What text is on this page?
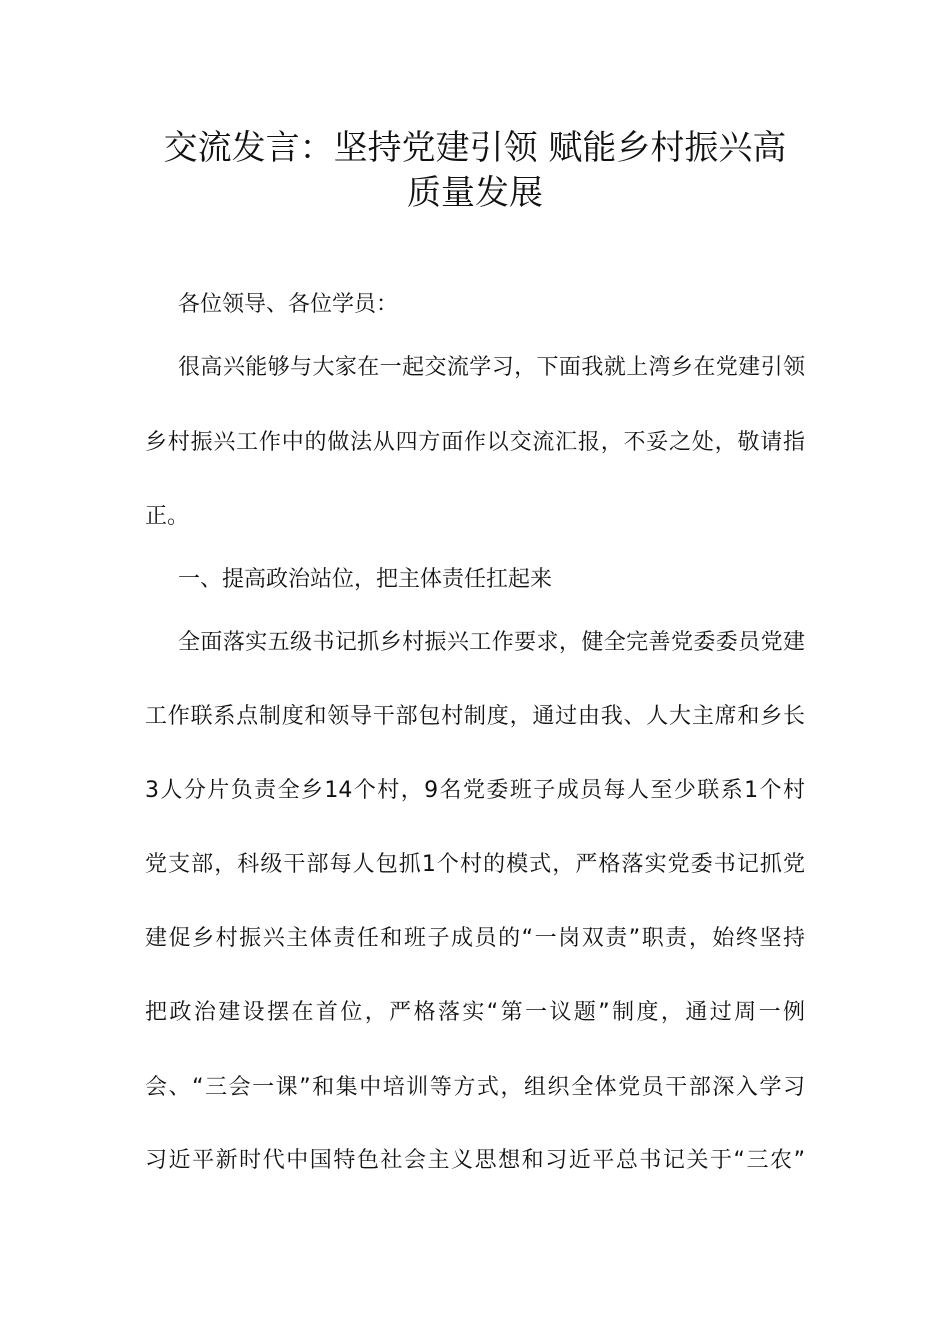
交流发言：坚持党建引领 赋能乡村振兴高
质量发展
各位领导、各位学员：
很高兴能够与大家在一起交流学习，下面我就上湾乡在党建引领
乡村振兴工作中的做法从四方面作以交流汇报，不妥之处，敬请指
正。
一、提高政治站位，把主体责任扛起来
全面落实五级书记抓乡村振兴工作要求，健全完善党委委员党建
工作联系点制度和领导干部包村制度，通过由我、人大主席和乡长
3人分片负责全乡14个村，9名党委班子成员每人至少联系1个村
党支部，科级干部每人包抓1个村的模式，严格落实党委书记抓党
建促乡村振兴主体责任和班子成员的“一岗双责”职责，始终坚持
把政治建设摆在首位，严格落实“第一议题”制度，通过周一例
会、“三会一课”和集中培训等方式，组织全体党员干部深入学习
习近平新时代中国特色社会主义思想和习近平总书记关于“三农”
